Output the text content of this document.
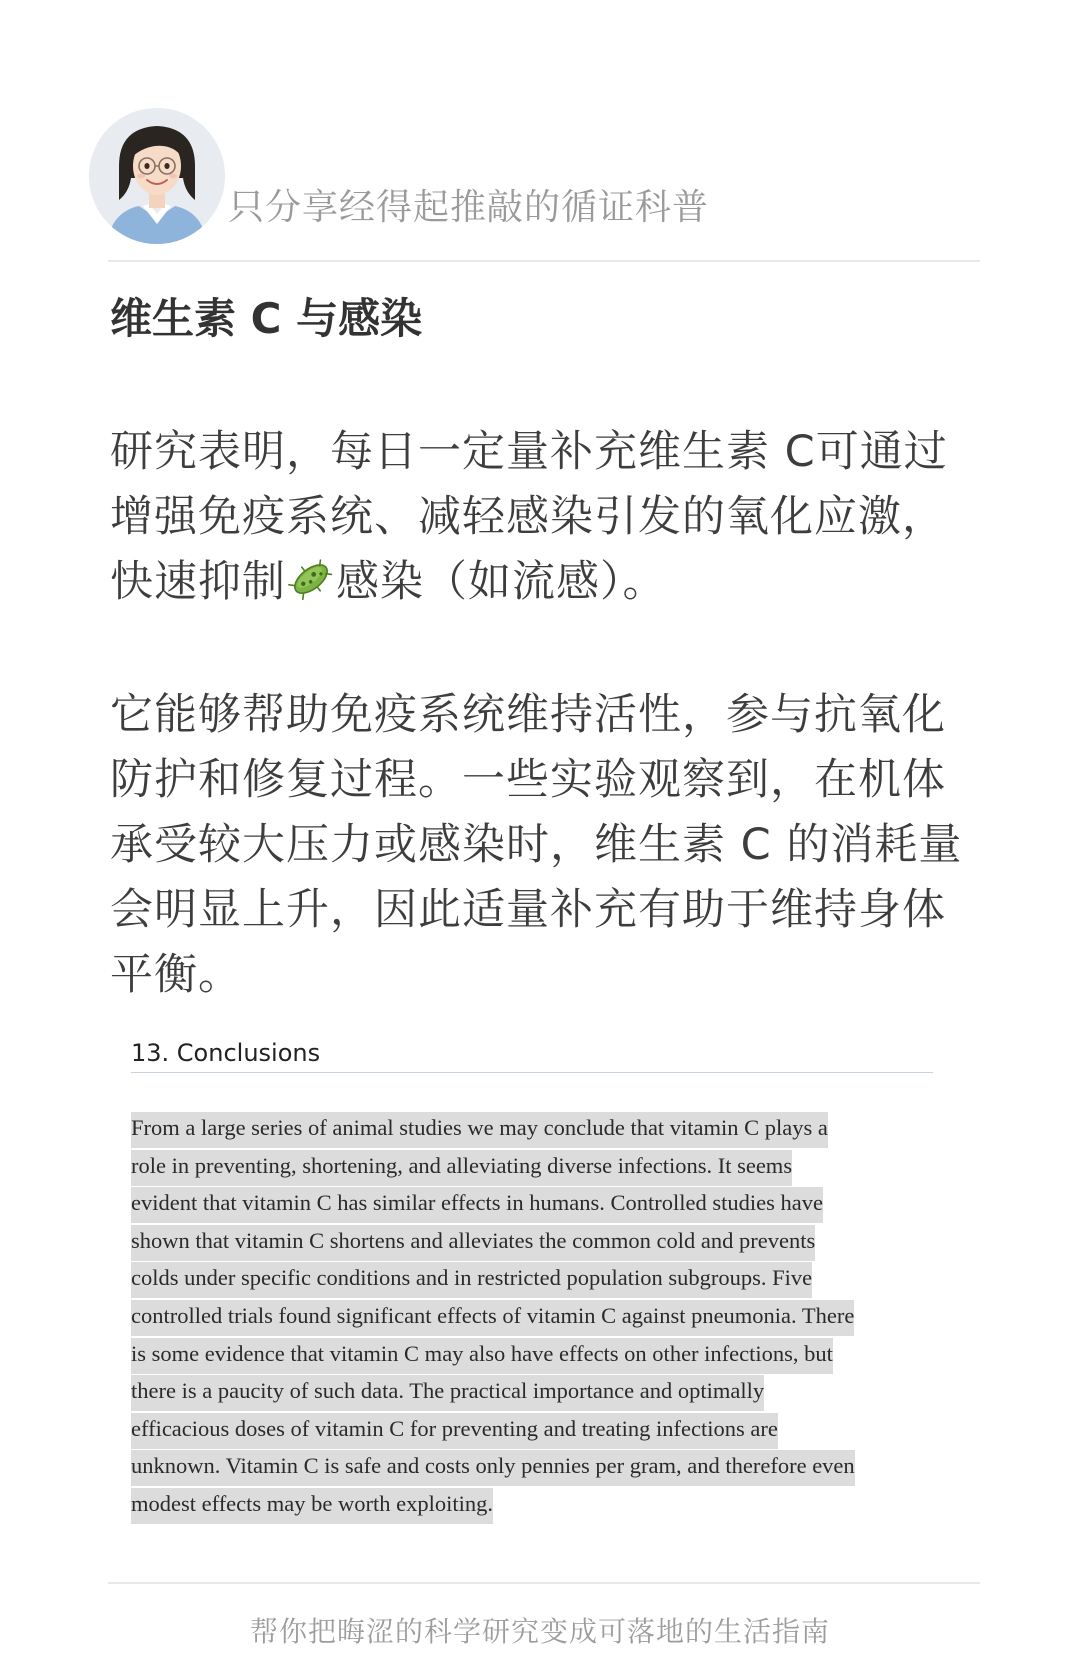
只分享经得起推敲的循证科普
维生素 C 与感染

研究表明，每日一定量补充维生素 C可通过增强免疫系统、减轻感染引发的氧化应激，快速抑制 感染（如流感）。

它能够帮助免疫系统维持活性，参与抗氧化防护和修复过程。一些实验观察到，在机体承受较大压力或感染时，维生素 C 的消耗量会明显上升，因此适量补充有助于维持身体平衡。

13. Conclusions
From a large series of animal studies we may conclude that vitamin C plays a
role in preventing, shortening, and alleviating diverse infections. It seems
evident that vitamin C has similar effects in humans. Controlled studies have
shown that vitamin C shortens and alleviates the common cold and prevents
colds under specific conditions and in restricted population subgroups. Five
controlled trials found significant effects of vitamin C against pneumonia. There
is some evidence that vitamin C may also have effects on other infections, but
there is a paucity of such data. The practical importance and optimally
efficacious doses of vitamin C for preventing and treating infections are
unknown. Vitamin C is safe and costs only pennies per gram, and therefore even
modest effects may be worth exploiting.
帮你把晦涩的科学研究变成可落地的生活指南
